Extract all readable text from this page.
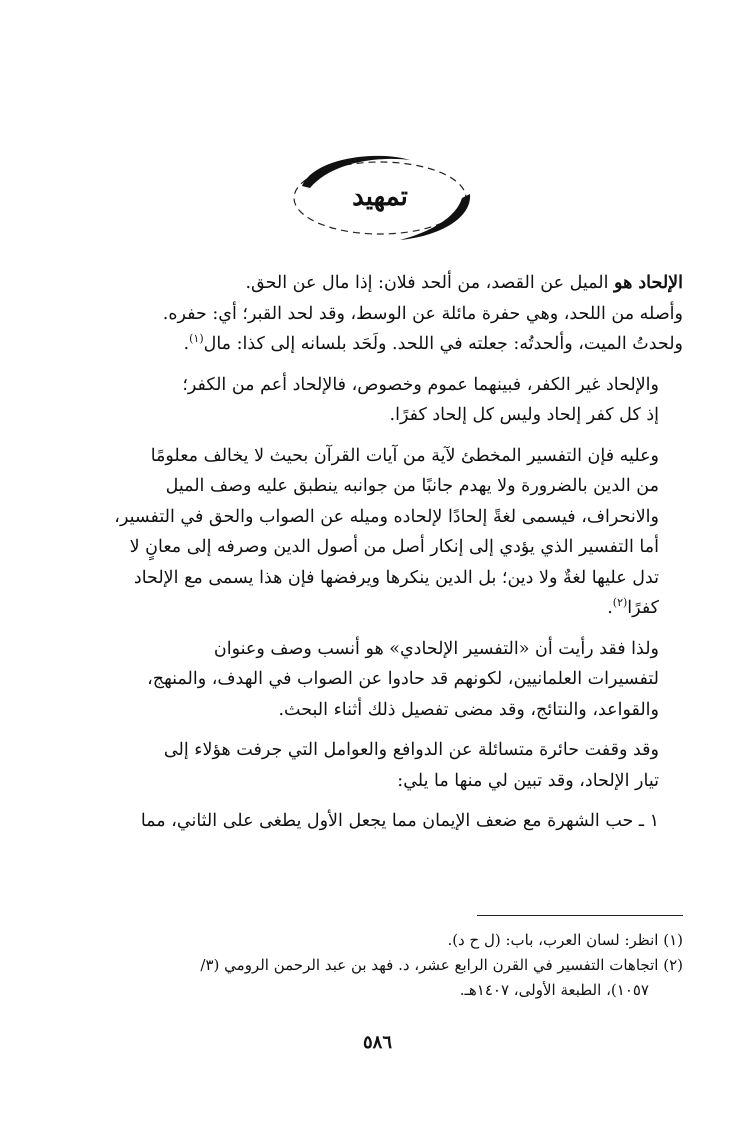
تمهيد

الإلحاد هو الميل عن القصد، من ألحد فلان: إذا مال عن الحق.
وأصله من اللحد، وهي حفرة مائلة عن الوسط، وقد لحد القبر؛ أي: حفره.
ولحدتُ الميت، وألحدتُه: جعلته في اللحد. ولَحَد بلسانه إلى كذا: مال$^{(١)}$.

والإلحاد غير الكفر، فبينهما عموم وخصوص، فالإلحاد أعم من الكفر؛
إذ كل كفر إلحاد وليس كل إلحاد كفرًا.

وعليه فإن التفسير المخطئ لآية من آيات القرآن بحيث لا يخالف معلومًا
من الدين بالضرورة ولا يهدم جانبًا من جوانبه ينطبق عليه وصف الميل
والانحراف، فيسمى لغةً إلحادًا لإلحاده وميله عن الصواب والحق في التفسير،
أما التفسير الذي يؤدي إلى إنكار أصل من أصول الدين وصرفه إلى معانٍ لا
تدل عليها لغةٌ ولا دين؛ بل الدين ينكرها ويرفضها فإن هذا يسمى مع الإلحاد
كفرًا$^{(٢)}$.

ولذا فقد رأيت أن «التفسير الإلحادي» هو أنسب وصف وعنوان
لتفسيرات العلمانيين، لكونهم قد حادوا عن الصواب في الهدف، والمنهج،
والقواعد، والنتائج، وقد مضى تفصيل ذلك أثناء البحث.

وقد وقفت حائرة متسائلة عن الدوافع والعوامل التي جرفت هؤلاء إلى
تيار الإلحاد، وقد تبين لي منها ما يلي:

١ ـ حب الشهرة مع ضعف الإيمان مما يجعل الأول يطغى على الثاني، مما

(١) انظر: لسان العرب، باب: (ل ح د).

(٢) اتجاهات التفسير في القرن الرابع عشر، د. فهد بن عبد الرحمن الرومي (٣/

١٠٥٧)، الطبعة الأولى، ١٤٠٧هـ.

٥٨٦
